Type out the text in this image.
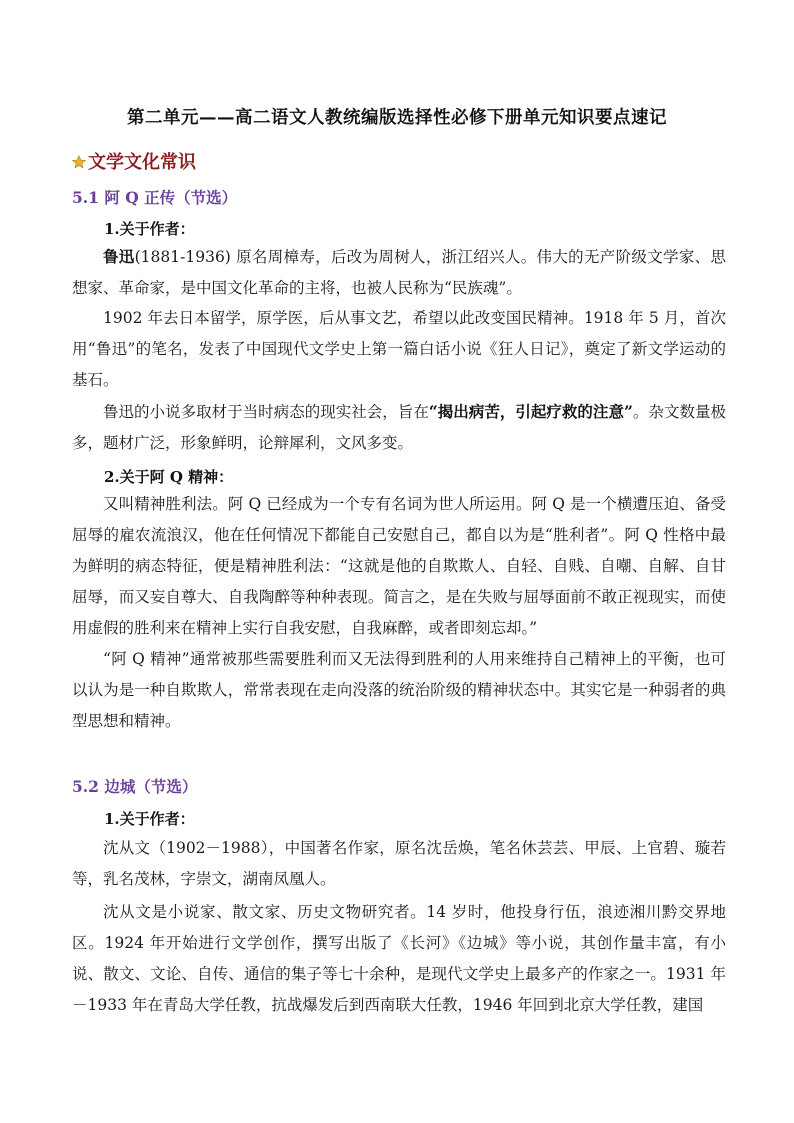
第二单元——高二语文人教统编版选择性必修下册单元知识要点速记
文学文化常识
5.1 阿 Q 正传（节选）
1.关于作者：

鲁迅(1881-1936) 原名周樟寿，后改为周树人，浙江绍兴人。伟大的无产阶级文学家、思想家、革命家，是中国文化革命的主将，也被人民称为“民族魂”。

1902 年去日本留学，原学医，后从事文艺，希望以此改变国民精神。1918 年 5 月，首次用“鲁迅”的笔名，发表了中国现代文学史上第一篇白话小说《狂人日记》，奠定了新文学运动的基石。

鲁迅的小说多取材于当时病态的现实社会，旨在“揭出病苦，引起疗救的注意”。杂文数量极多，题材广泛，形象鲜明，论辩犀利，文风多变。

2.关于阿 Q 精神：

又叫精神胜利法。阿 Q 已经成为一个专有名词为世人所运用。阿 Q 是一个横遭压迫、备受屈辱的雇农流浪汉，他在任何情况下都能自己安慰自己，都自以为是“胜利者”。阿 Q 性格中最为鲜明的病态特征，便是精神胜利法：“这就是他的自欺欺人、自轻、自贱、自嘲、自解、自甘屈辱，而又妄自尊大、自我陶醉等种种表现。简言之，是在失败与屈辱面前不敢正视现实，而使用虚假的胜利来在精神上实行自我安慰，自我麻醉，或者即刻忘却。”

“阿 Q 精神”通常被那些需要胜利而又无法得到胜利的人用来维持自己精神上的平衡，也可以认为是一种自欺欺人，常常表现在走向没落的统治阶级的精神状态中。其实它是一种弱者的典型思想和精神。

5.2 边城（节选）
1.关于作者：

沈从文（1902－1988），中国著名作家，原名沈岳焕，笔名休芸芸、甲辰、上官碧、璇若等，乳名茂林，字崇文，湖南凤凰人。

沈从文是小说家、散文家、历史文物研究者。14 岁时，他投身行伍，浪迹湘川黔交界地区。1924 年开始进行文学创作，撰写出版了《长河》《边城》等小说，其创作量丰富，有小说、散文、文论、自传、通信的集子等七十余种，是现代文学史上最多产的作家之一。1931 年－1933 年在青岛大学任教，抗战爆发后到西南联大任教，1946 年回到北京大学任教，建国
